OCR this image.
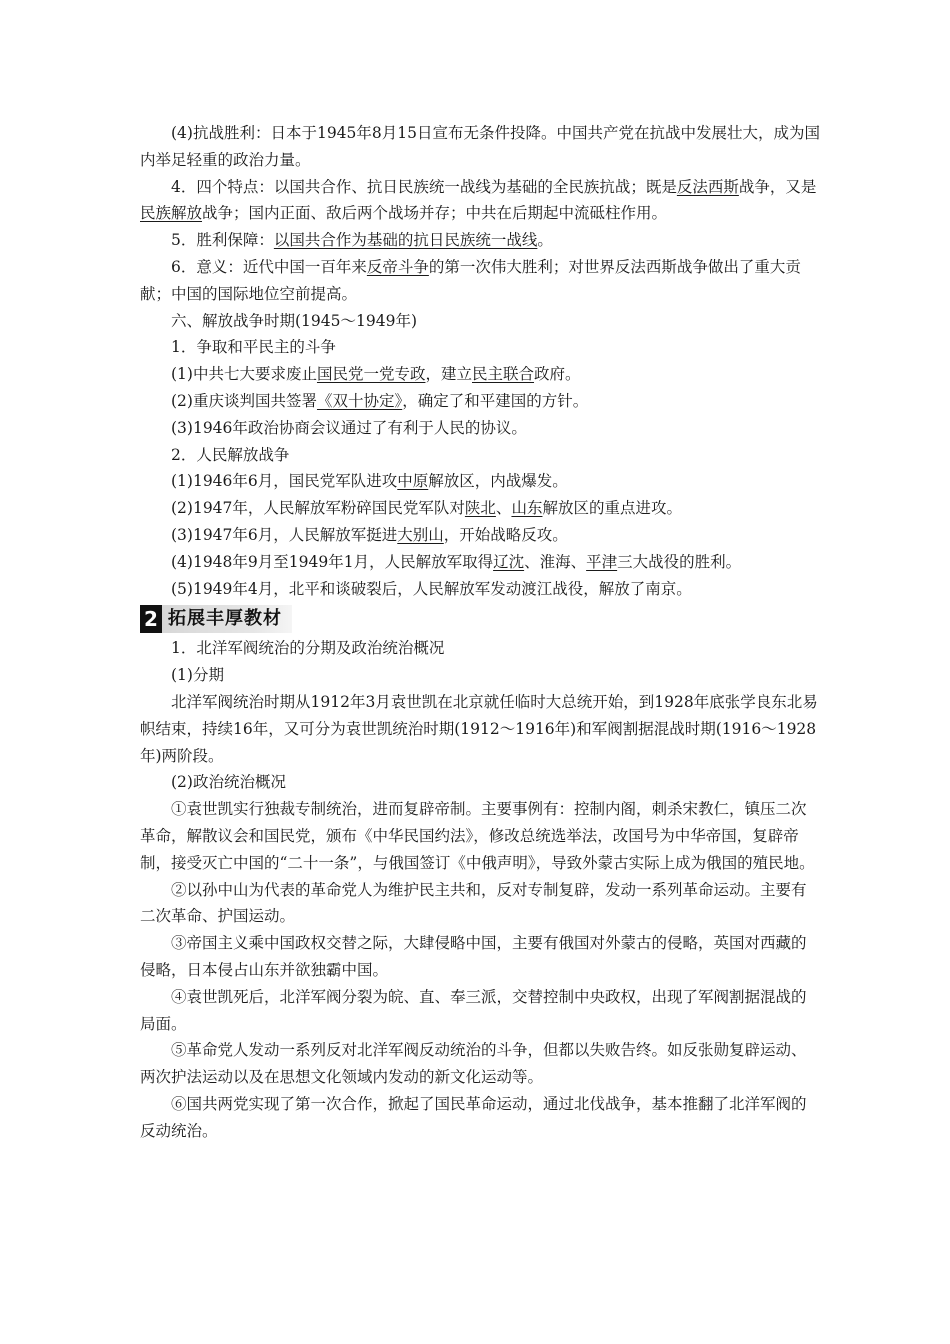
(4)抗战胜利：日本于1945年8月15日宣布无条件投降。中国共产党在抗战中发展壮大，成为国内举足轻重的政治力量。

4．四个特点：以国共合作、抗日民族统一战线为基础的全民族抗战；既是反法西斯战争，又是民族解放战争；国内正面、敌后两个战场并存；中共在后期起中流砥柱作用。

5．胜利保障：以国共合作为基础的抗日民族统一战线。

6．意义：近代中国一百年来反帝斗争的第一次伟大胜利；对世界反法西斯战争做出了重大贡献；中国的国际地位空前提高。

六、解放战争时期(1945～1949年)

1．争取和平民主的斗争

(1)中共七大要求废止国民党一党专政，建立民主联合政府。

(2)重庆谈判国共签署《双十协定》，确定了和平建国的方针。

(3)1946年政治协商会议通过了有利于人民的协议。

2．人民解放战争

(1)1946年6月，国民党军队进攻中原解放区，内战爆发。

(2)1947年，人民解放军粉碎国民党军队对陕北、山东解放区的重点进攻。

(3)1947年6月，人民解放军挺进大别山，开始战略反攻。

(4)1948年9月至1949年1月，人民解放军取得辽沈、淮海、平津三大战役的胜利。

(5)1949年4月，北平和谈破裂后，人民解放军发动渡江战役，解放了南京。

2 拓展丰厚教材

1．北洋军阀统治的分期及政治统治概况

(1)分期

北洋军阀统治时期从1912年3月袁世凯在北京就任临时大总统开始，到1928年底张学良东北易帜结束，持续16年，又可分为袁世凯统治时期(1912～1916年)和军阀割据混战时期(1916～1928年)两阶段。

(2)政治统治概况

①袁世凯实行独裁专制统治，进而复辟帝制。主要事例有：控制内阁，刺杀宋教仁，镇压二次革命，解散议会和国民党，颁布《中华民国约法》，修改总统选举法，改国号为中华帝国，复辟帝制，接受灭亡中国的“二十一条”，与俄国签订《中俄声明》，导致外蒙古实际上成为俄国的殖民地。

②以孙中山为代表的革命党人为维护民主共和，反对专制复辟，发动一系列革命运动。主要有二次革命、护国运动。

③帝国主义乘中国政权交替之际，大肆侵略中国，主要有俄国对外蒙古的侵略，英国对西藏的侵略，日本侵占山东并欲独霸中国。

④袁世凯死后，北洋军阀分裂为皖、直、奉三派，交替控制中央政权，出现了军阀割据混战的局面。

⑤革命党人发动一系列反对北洋军阀反动统治的斗争，但都以失败告终。如反张勋复辟运动、两次护法运动以及在思想文化领域内发动的新文化运动等。

⑥国共两党实现了第一次合作，掀起了国民革命运动，通过北伐战争，基本推翻了北洋军阀的反动统治。
